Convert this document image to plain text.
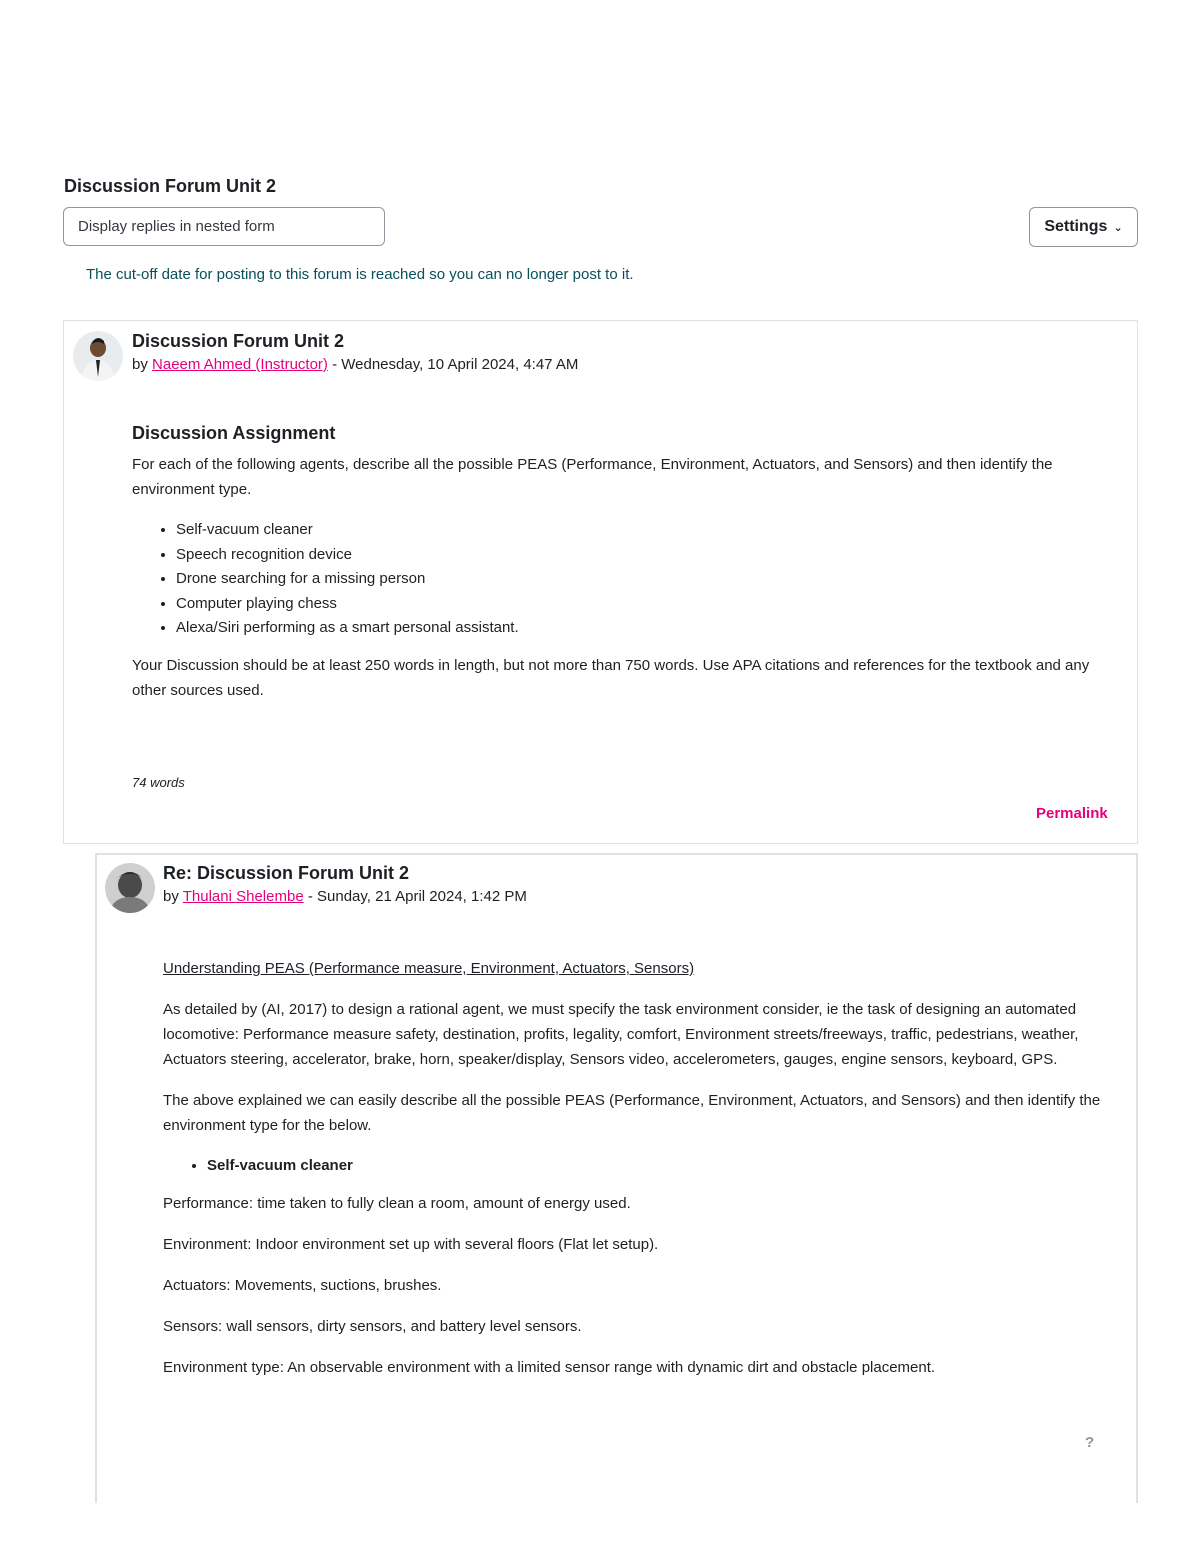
Discussion Forum Unit 2
Display replies in nested form	Settings ⌄
The cut-off date for posting to this forum is reached so you can no longer post to it.
Discussion Forum Unit 2
by Naeem Ahmed (Instructor) - Wednesday, 10 April 2024, 4:47 AM
Discussion Assignment

For each of the following agents, describe all the possible PEAS (Performance, Environment, Actuators, and Sensors) and then identify the environment type.

• Self-vacuum cleaner
• Speech recognition device
• Drone searching for a missing person
• Computer playing chess
• Alexa/Siri performing as a smart personal assistant.

Your Discussion should be at least 250 words in length, but not more than 750 words. Use APA citations and references for the textbook and any other sources used.

74 words
Permalink
Re: Discussion Forum Unit 2
by Thulani Shelembe - Sunday, 21 April 2024, 1:42 PM

Understanding PEAS (Performance measure, Environment, Actuators, Sensors)

As detailed by (AI, 2017) to design a rational agent, we must specify the task environment consider, ie the task of designing an automated locomotive: Performance measure safety, destination, profits, legality, comfort, Environment streets/freeways, traffic, pedestrians, weather, Actuators steering, accelerator, brake, horn, speaker/display, Sensors video, accelerometers, gauges, engine sensors, keyboard, GPS.

The above explained we can easily describe all the possible PEAS (Performance, Environment, Actuators, and Sensors) and then identify the environment type for the below.

• Self-vacuum cleaner

Performance: time taken to fully clean a room, amount of energy used.

Environment: Indoor environment set up with several floors (Flat let setup).

Actuators: Movements, suctions, brushes.

Sensors: wall sensors, dirty sensors, and battery level sensors.

Environment type: An observable environment with a limited sensor range with dynamic dirt and obstacle placement.

?
